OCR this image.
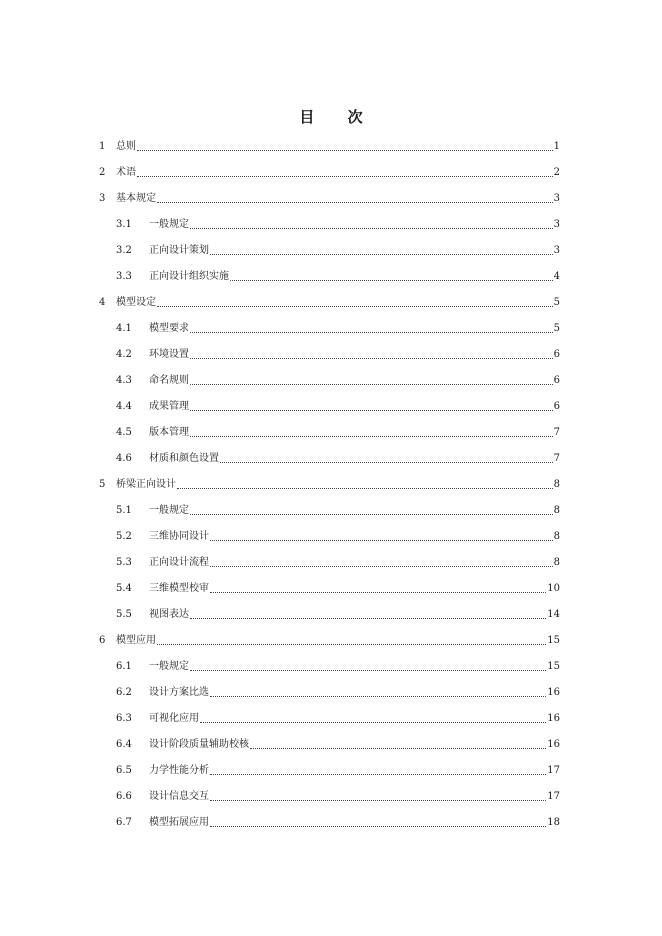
目 次
1	总则	1
2	术语	2
3	基本规定	3
3.1	一般规定	3
3.2	正向设计策划	3
3.3	正向设计组织实施	4
4	模型设定	5
4.1	模型要求	5
4.2	环境设置	6
4.3	命名规则	6
4.4	成果管理	6
4.5	版本管理	7
4.6	材质和颜色设置	7
5	桥梁正向设计	8
5.1	一般规定	8
5.2	三维协同设计	8
5.3	正向设计流程	8
5.4	三维模型校审	10
5.5	视图表达	14
6	模型应用	15
6.1	一般规定	15
6.2	设计方案比选	16
6.3	可视化应用	16
6.4	设计阶段质量辅助校核	16
6.5	力学性能分析	17
6.6	设计信息交互	17
6.7	模型拓展应用	18
